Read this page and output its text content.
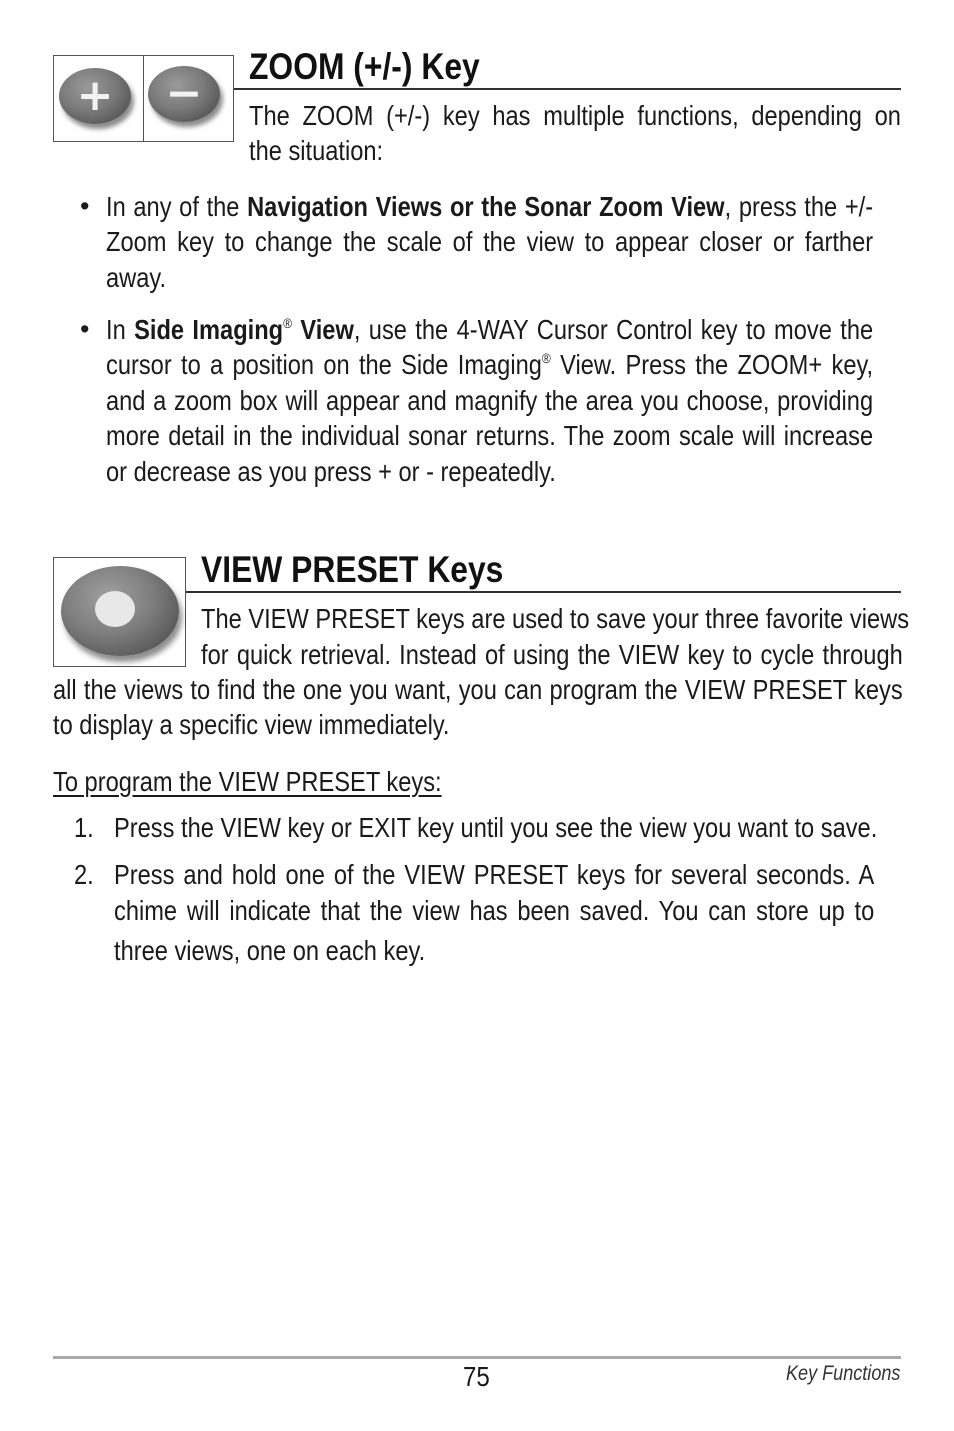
+	−
ZOOM (+/-) Key
The ZOOM (+/-) key has multiple functions, depending on
the situation:
• In any of the Navigation Views or the Sonar Zoom View, press the +/-
Zoom key to change the scale of the view to appear closer or farther
away.
• In Side Imaging® View, use the 4-WAY Cursor Control key to move the
cursor to a position on the Side Imaging® View. Press the ZOOM+ key,
and a zoom box will appear and magnify the area you choose, providing
more detail in the individual sonar returns. The zoom scale will increase
or decrease as you press + or - repeatedly.
VIEW PRESET Keys
The VIEW PRESET keys are used to save your three favorite views
for quick retrieval. Instead of using the VIEW key to cycle through
all the views to find the one you want, you can program the VIEW PRESET keys
to display a specific view immediately.
To program the VIEW PRESET keys:
1. Press the VIEW key or EXIT key until you see the view you want to save.
2. Press and hold one of the VIEW PRESET keys for several seconds. A
chime will indicate that the view has been saved. You can store up to
three views, one on each key.
75	Key Functions
